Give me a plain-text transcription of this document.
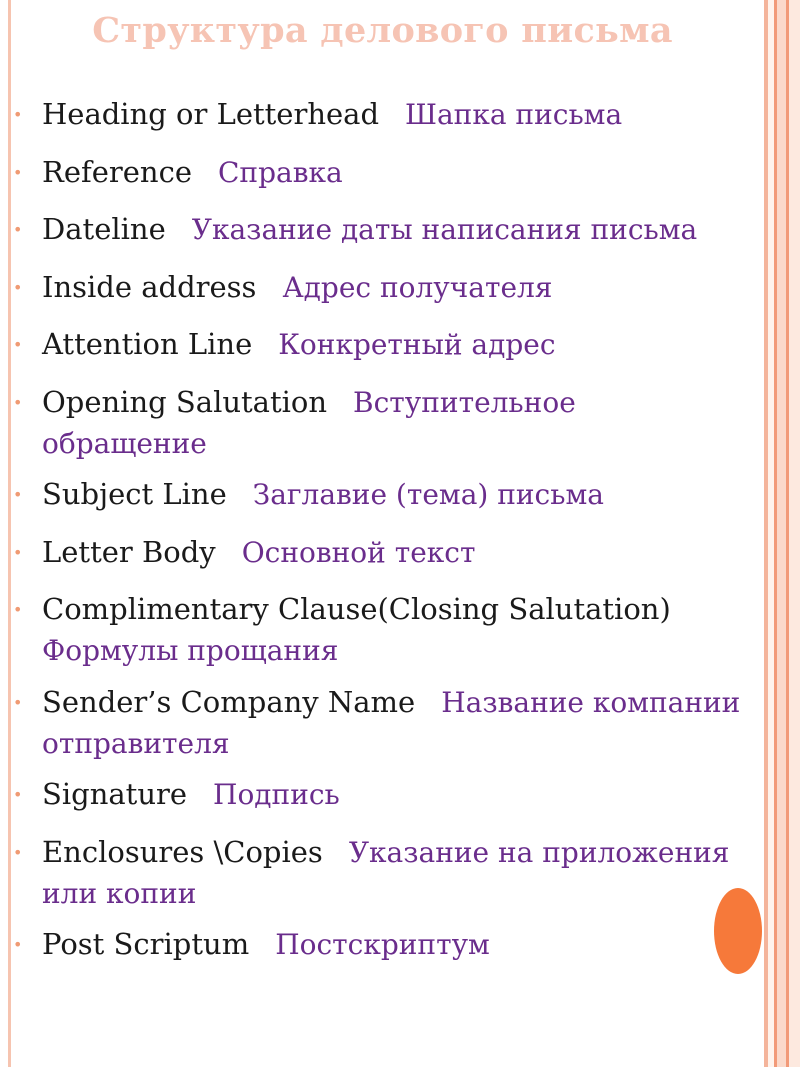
Структура делового письма
• Heading or Letterhead Шапка письма
• Reference Справка
• Dateline Указание даты написания письма
• Inside address Адрес получателя
• Attention Line Конкретный адрес
• Opening Salutation Вступительное
обращение
• Subject Line Заглавие (тема) письма
• Letter Body Основной текст
• Complimentary Clause(Closing Salutation)
Формулы прощания
• Sender’s Company Name Название компании
отправителя
• Signature Подпись
• Enclosures \Copies Указание на приложения
или копии
• Post Scriptum Постскриптум
